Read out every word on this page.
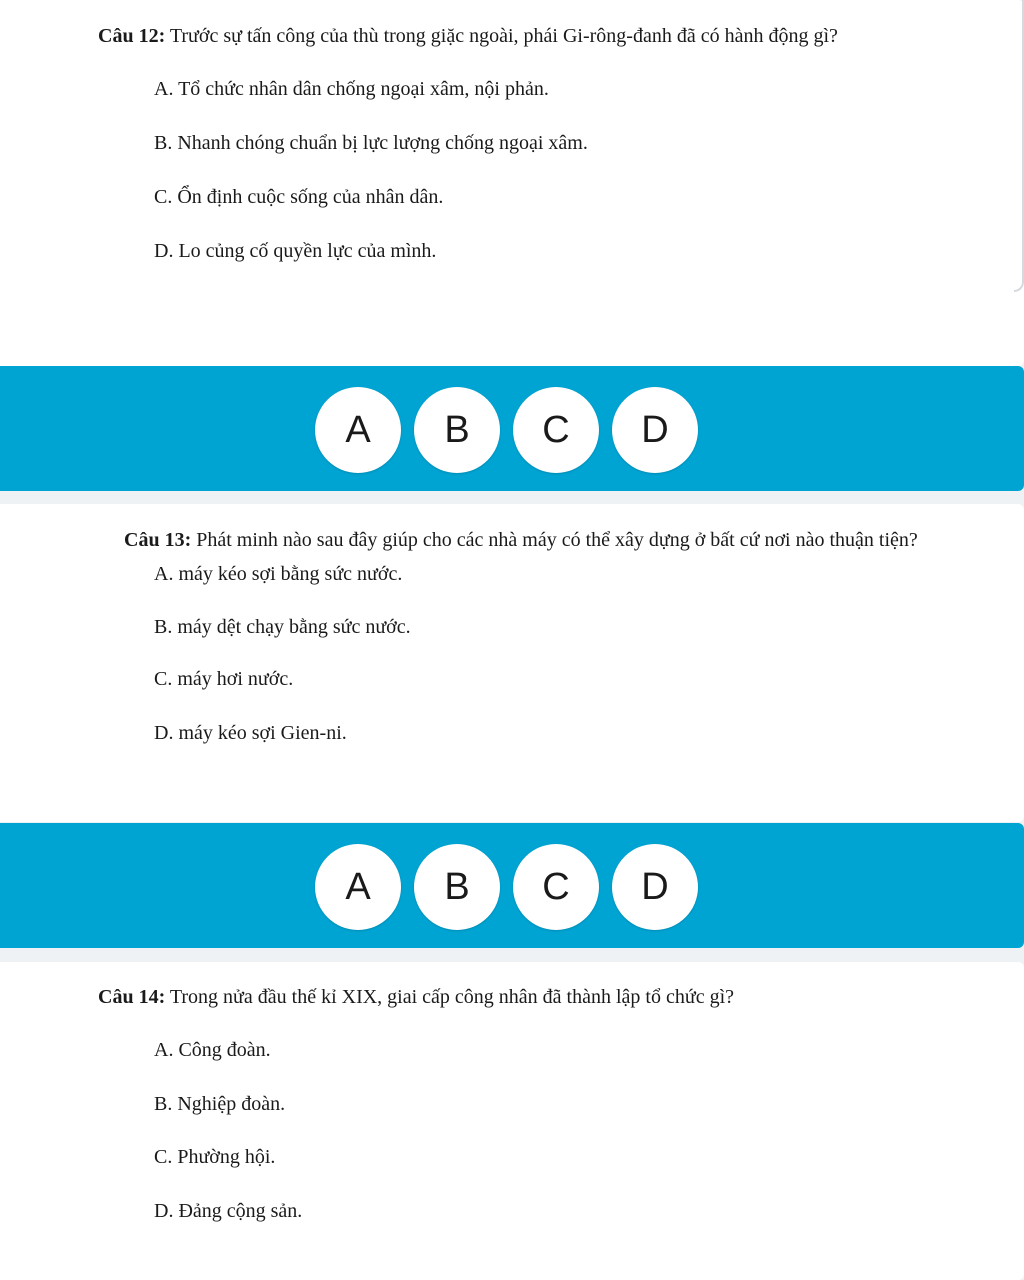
Câu 12: Trước sự tấn công của thù trong giặc ngoài, phái Gi-rông-đanh đã có hành động gì?
A. Tổ chức nhân dân chống ngoại xâm, nội phản.
B. Nhanh chóng chuẩn bị lực lượng chống ngoại xâm.
C. Ổn định cuộc sống của nhân dân.
D. Lo củng cố quyền lực của mình.
A	B	C	D
Câu 13: Phát minh nào sau đây giúp cho các nhà máy có thể xây dựng ở bất cứ nơi nào thuận tiện?
A. máy kéo sợi bằng sức nước.
B. máy dệt chạy bằng sức nước.
C. máy hơi nước.
D. máy kéo sợi Gien-ni.
A	B	C	D
Câu 14: Trong nửa đầu thế kỉ XIX, giai cấp công nhân đã thành lập tổ chức gì?
A. Công đoàn.
B. Nghiệp đoàn.
C. Phường hội.
D. Đảng cộng sản.
